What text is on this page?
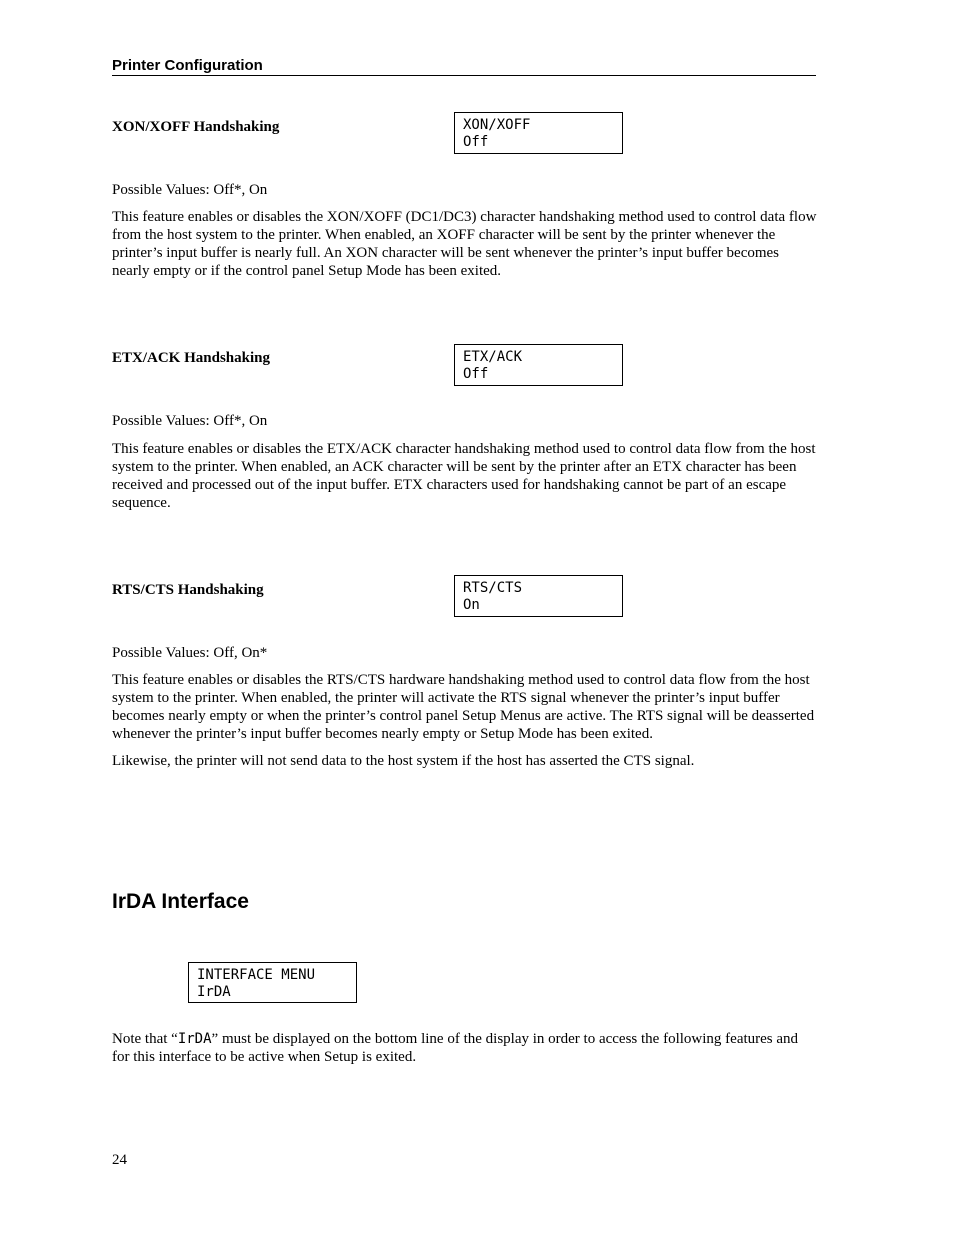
Printer Configuration
XON/XOFF Handshaking	XON/XOFF
Off
Possible Values: Off*, On

This feature enables or disables the XON/XOFF (DC1/DC3) character handshaking method used to control data flow from the host system to the printer. When enabled, an XOFF character will be sent by the printer whenever the printer’s input buffer is nearly full. An XON character will be sent whenever the printer’s input buffer becomes nearly empty or if the control panel Setup Mode has been exited.

ETX/ACK Handshaking	ETX/ACK
Off
Possible Values: Off*, On

This feature enables or disables the ETX/ACK character handshaking method used to control data flow from the host system to the printer. When enabled, an ACK character will be sent by the printer after an ETX character has been received and processed out of the input buffer. ETX characters used for handshaking cannot be part of an escape sequence.

RTS/CTS Handshaking	RTS/CTS
On
Possible Values: Off, On*

This feature enables or disables the RTS/CTS hardware handshaking method used to control data flow from the host system to the printer. When enabled, the printer will activate the RTS signal whenever the printer’s input buffer becomes nearly empty or when the printer’s control panel Setup Menus are active. The RTS signal will be deasserted whenever the printer’s input buffer becomes nearly empty or Setup Mode has been exited.

Likewise, the printer will not send data to the host system if the host has asserted the CTS signal.

IrDA Interface
INTERFACE MENU
IrDA

Note that “IrDA” must be displayed on the bottom line of the display in order to access the following features and for this interface to be active when Setup is exited.

24
